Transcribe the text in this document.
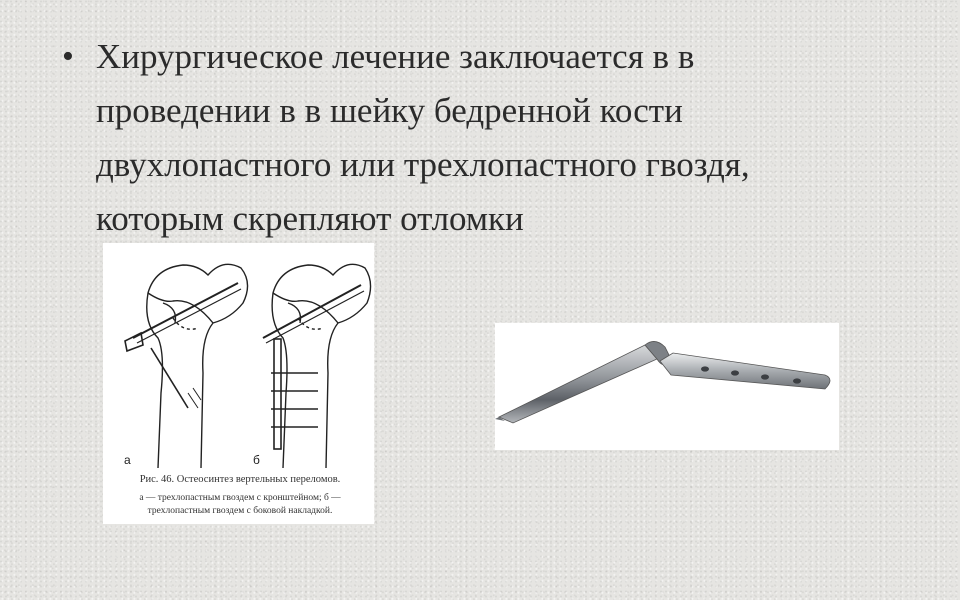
• Хирургическое лечение заключается в в
проведении в в шейку бедренной кости
двухлопастного или трехлопастного гвоздя,
которым скрепляют отломки
а	б
Рис. 46. Остеосинтез вертельных переломов.
а — трехлопастным гвоздем с кронштейном; б —
трехлопастным гвоздем с боковой накладкой.
